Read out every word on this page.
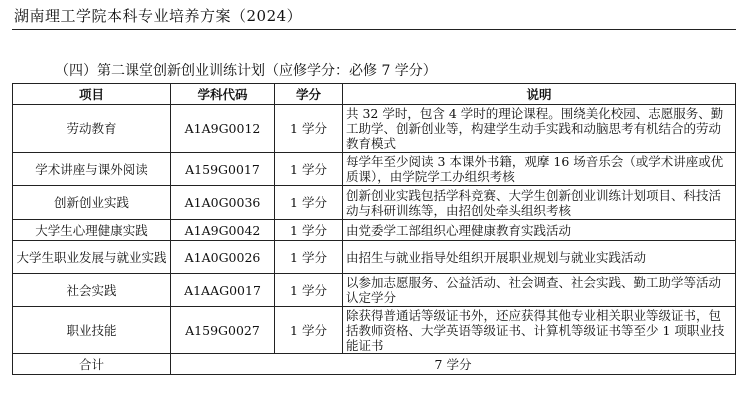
湖南理工学院本科专业培养方案（2024）
（四）第二课堂创新创业训练计划（应修学分：必修 7 学分）
项目	学科代码	学分	说明
劳动教育	A1A9G0012	1 学分	共 32 学时，包含 4 学时的理论课程。围绕美化校园、志愿服务、勤工助学、创新创业等，构建学生动手实践和动脑思考有机结合的劳动教育模式
学术讲座与课外阅读	A159G0017	1 学分	每学年至少阅读 3 本课外书籍，观摩 16 场音乐会（或学术讲座或优质课），由学院学工办组织考核
创新创业实践	A1A0G0036	1 学分	创新创业实践包括学科竞赛、大学生创新创业训练计划项目、科技活动与科研训练等，由招创处牵头组织考核
大学生心理健康实践	A1A9G0042	1 学分	由党委学工部组织心理健康教育实践活动
大学生职业发展与就业实践	A1A0G0026	1 学分	由招生与就业指导处组织开展职业规划与就业实践活动
社会实践	A1AAG0017	1 学分	以参加志愿服务、公益活动、社会调查、社会实践、勤工助学等活动认定学分
职业技能	A159G0027	1 学分	除获得普通话等级证书外，还应获得其他专业相关职业等级证书，包括教师资格、大学英语等级证书、计算机等级证书等至少 1 项职业技能证书
合计	7 学分		
